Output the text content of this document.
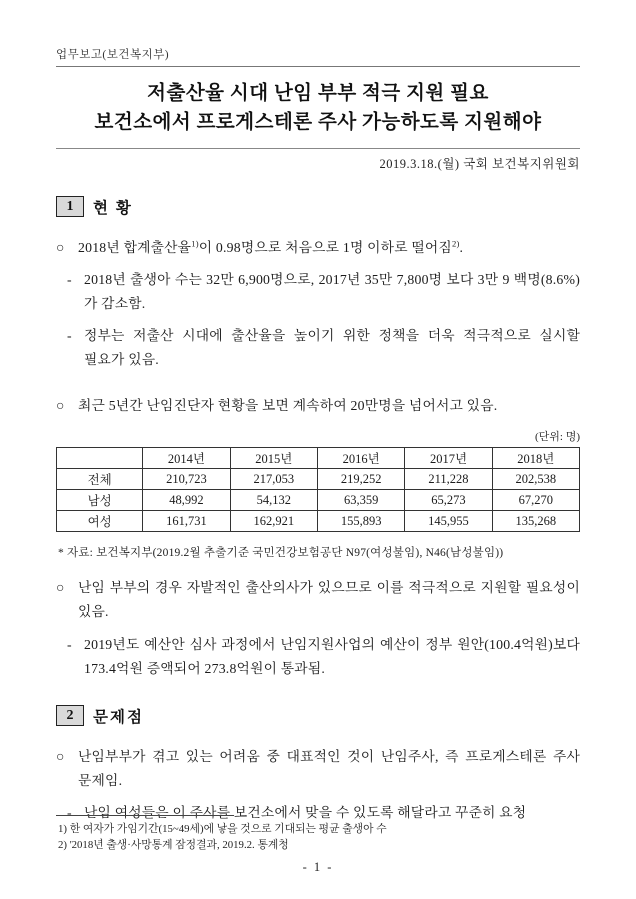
업무보고(보건복지부)
저출산율 시대 난임 부부 적극 지원 필요
보건소에서 프로게스테론 주사 가능하도록 지원해야
2019.3.18.(월) 국회 보건복지위원회
1	현 황
○ 2018년 합계출산율$^{1)}$이 0.98명으로 처음으로 1명 이하로 떨어짐$^{2)}$.
- 2018년 출생아 수는 32만 6,900명으로, 2017년 35만 7,800명 보다 3만 9 백명(8.6%)가 감소함.
- 정부는 저출산 시대에 출산율을 높이기 위한 정책을 더욱 적극적으로 실시할 필요가 있음.
○ 최근 5년간 난임진단자 현황을 보면 계속하여 20만명을 넘어서고 있음.
(단위: 명)
	2014년	2015년	2016년	2017년	2018년
전체	210,723	217,053	219,252	211,228	202,538
남성	48,992	54,132	63,359	65,273	67,270
여성	161,731	162,921	155,893	145,955	135,268
* 자료: 보건복지부(2019.2월 추출기준 국민건강보험공단 N97(여성불임), N46(남성불임))
○ 난임 부부의 경우 자발적인 출산의사가 있으므로 이를 적극적으로 지원할 필요성이 있음.
- 2019년도 예산안 심사 과정에서 난임지원사업의 예산이 정부 원안(100.4억원)보다 173.4억원 증액되어 273.8억원이 통과됨.
2	문제점
○ 난임부부가 겪고 있는 어려움 중 대표적인 것이 난임주사, 즉 프로게스테론 주사 문제임.
- 난임 여성들은 이 주사를 보건소에서 맞을 수 있도록 해달라고 꾸준히 요청
1) 한 여자가 가임기간(15~49세)에 낳을 것으로 기대되는 평균 출생아 수
2) '2018년 출생·사망통계 잠정결과, 2019.2. 통계청
- 1 -
